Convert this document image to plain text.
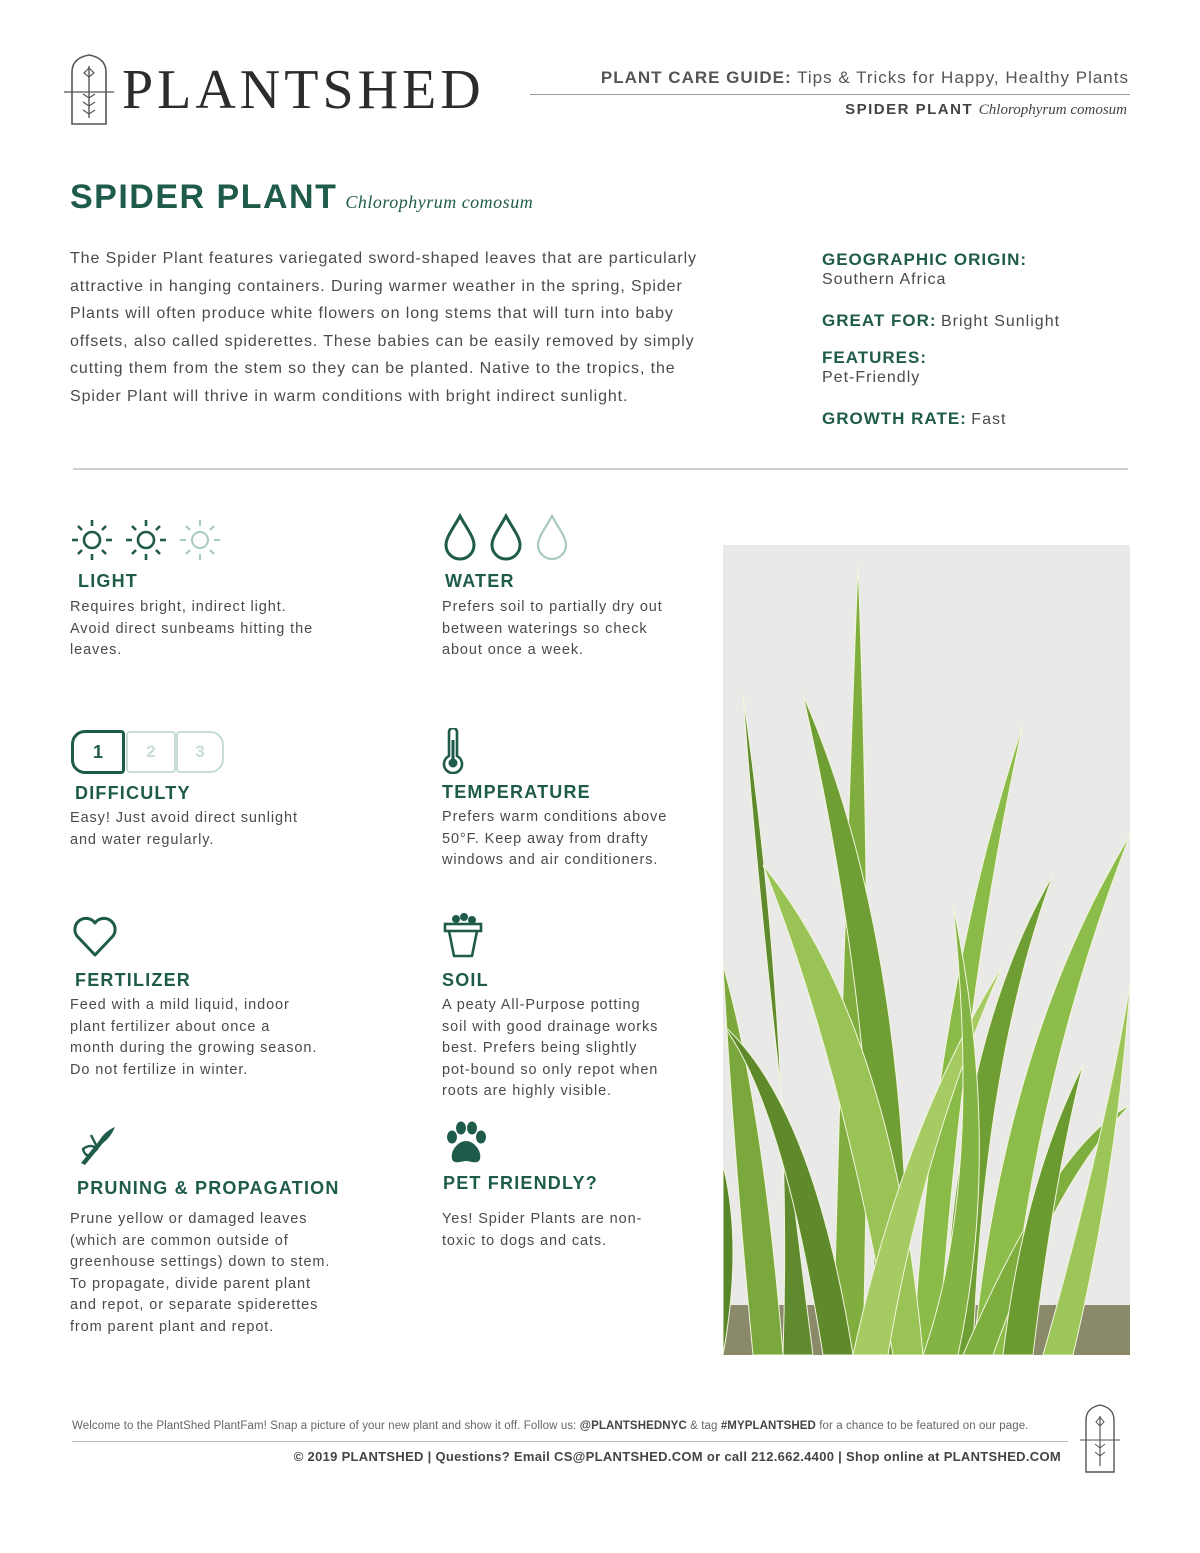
PLANTSHED	PLANT CARE GUIDE: Tips & Tricks for Happy, Healthy Plants
SPIDER PLANT Chlorophyrum comosum
SPIDER PLANT Chlorophyrum comosum
The Spider Plant features variegated sword-shaped leaves that are particularly
attractive in hanging containers. During warmer weather in the spring, Spider
Plants will often produce white flowers on long stems that will turn into baby
offsets, also called spiderettes. These babies can be easily removed by simply
cutting them from the stem so they can be planted. Native to the tropics, the
Spider Plant will thrive in warm conditions with bright indirect sunlight.
GEOGRAPHIC ORIGIN:
Southern Africa
GREAT FOR: Bright Sunlight
FEATURES:
Pet-Friendly
GROWTH RATE: Fast
LIGHT
Requires bright, indirect light.
Avoid direct sunbeams hitting the
leaves.
WATER
Prefers soil to partially dry out
between waterings so check
about once a week.
1	2	3
DIFFICULTY
Easy! Just avoid direct sunlight
and water regularly.
TEMPERATURE
Prefers warm conditions above
50°F. Keep away from drafty
windows and air conditioners.
FERTILIZER
Feed with a mild liquid, indoor
plant fertilizer about once a
month during the growing season.
Do not fertilize in winter.
SOIL
A peaty All-Purpose potting
soil with good drainage works
best. Prefers being slightly
pot-bound so only repot when
roots are highly visible.
PRUNING & PROPAGATION
Prune yellow or damaged leaves
(which are common outside of
greenhouse settings) down to stem.
To propagate, divide parent plant
and repot, or separate spiderettes
from parent plant and repot.
PET FRIENDLY?
Yes! Spider Plants are non-
toxic to dogs and cats.
Welcome to the PlantShed PlantFam! Snap a picture of your new plant and show it off. Follow us: @PLANTSHEDNYC & tag #MYPLANTSHED for a chance to be featured on our page.
© 2019 PLANTSHED | Questions? Email CS@PLANTSHED.COM or call 212.662.4400 | Shop online at PLANTSHED.COM
